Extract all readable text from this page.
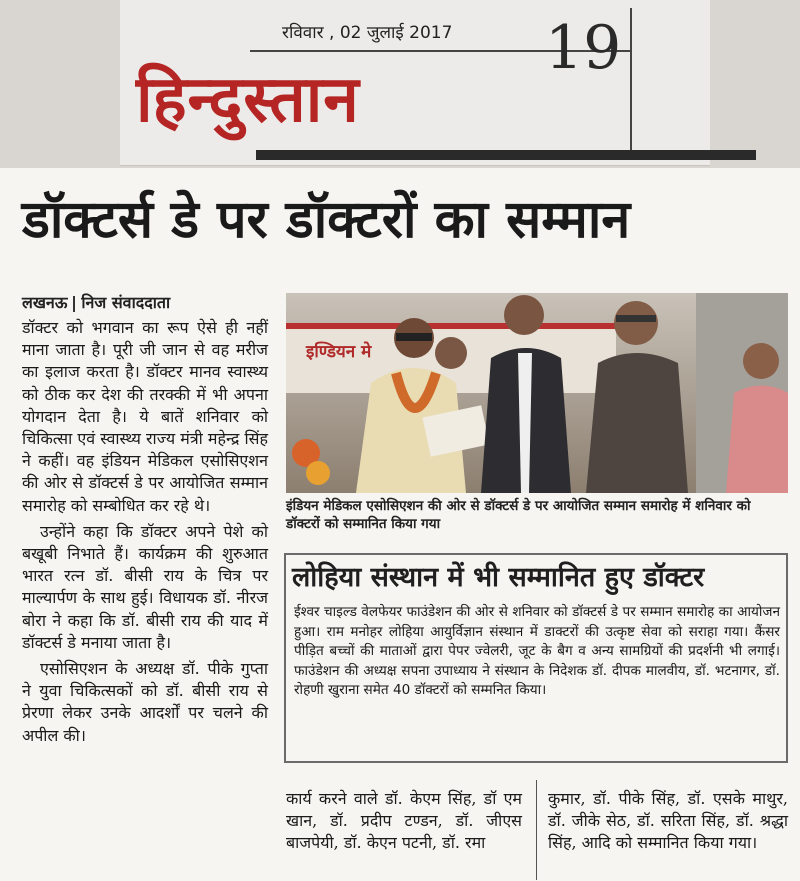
रविवार , 02 जुलाई 2017 19
हिन्दुस्तान
डॉक्टर्स डे पर डॉक्टरों का सम्मान
लखनऊ निज संवाददाता

डॉक्टर को भगवान का रूप ऐसे ही नहीं माना जाता है। पूरी जी जान से वह मरीज का इलाज करता है। डॉक्टर मानव स्वास्थ्य को ठीक कर देश की तरक्की में भी अपना योगदान देता है। ये बातें शनिवार को चिकित्सा एवं स्वास्थ्य राज्य मंत्री महेन्द्र सिंह ने कहीं। वह इंडियन मेडिकल एसोसिएशन की ओर से डॉक्टर्स डे पर आयोजित सम्मान समारोह को सम्बोधित कर रहे थे।

उन्होंने कहा कि डॉक्टर अपने पेशे को बखूबी निभाते हैं। कार्यक्रम की शुरुआत भारत रत्न डॉ. बीसी राय के चित्र पर माल्यार्पण के साथ हुई। विधायक डॉ. नीरज बोरा ने कहा कि डॉ. बीसी राय की याद में डॉक्टर्स डे मनाया जाता है।

एसोसिएशन के अध्यक्ष डॉ. पीके गुप्ता ने युवा चिकित्सकों को डॉ. बीसी राय से प्रेरणा लेकर उनके आदर्शों पर चलने की अपील की।

इण्डियन मे
इंडियन मेडिकल एसोसिएशन की ओर से डॉक्टर्स डे पर आयोजित सम्मान समारोह में शनिवार को डॉक्टरों को सम्मानित किया गया
लोहिया संस्थान में भी सम्मानित हुए डॉक्टर
ईश्वर चाइल्ड वेलफेयर फाउंडेशन की ओर से शनिवार को डॉक्टर्स डे पर सम्मान समारोह का आयोजन हुआ। राम मनोहर लोहिया आयुर्विज्ञान संस्थान में डाक्टरों की उत्कृष्ट सेवा को सराहा गया। कैंसर पीड़ित बच्चों की माताओं द्वारा पेपर ज्वेलरी, जूट के बैग व अन्य सामग्रियों की प्रदर्शनी भी लगाई। फाउंडेशन की अध्यक्ष सपना उपाध्याय ने संस्थान के निदेशक डॉ. दीपक मालवीय, डॉ. भटनागर, डॉ. रोहणी खुराना समेत 40 डॉक्टरों को सम्मनित किया।

कार्य करने वाले डॉ. केएम सिंह, डॉ एम खान, डॉ. प्रदीप टण्डन, डॉ. जीएस बाजपेयी, डॉ. केएन पटनी, डॉ. रमा

कुमार, डॉ. पीके सिंह, डॉ. एसके माथुर, डॉ. जीके सेठ, डॉ. सरिता सिंह, डॉ. श्रद्धा सिंह, आदि को सम्मानित किया गया।
